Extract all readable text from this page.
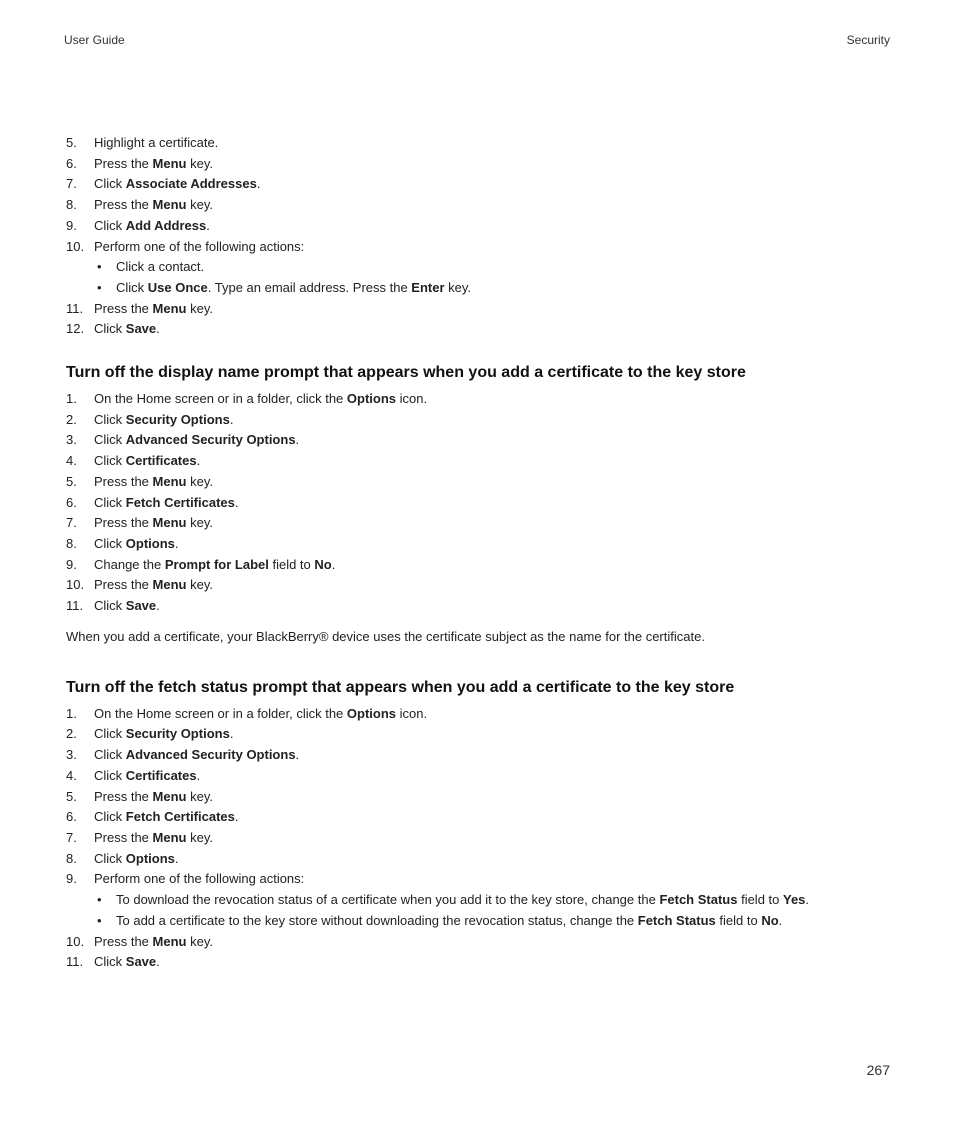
User Guide	Security
5. Highlight a certificate.
6. Press the Menu key.
7. Click Associate Addresses.
8. Press the Menu key.
9. Click Add Address.
10. Perform one of the following actions:
• Click a contact.
• Click Use Once. Type an email address. Press the Enter key.
11. Press the Menu key.
12. Click Save.
Turn off the display name prompt that appears when you add a certificate to the key store
1. On the Home screen or in a folder, click the Options icon.
2. Click Security Options.
3. Click Advanced Security Options.
4. Click Certificates.
5. Press the Menu key.
6. Click Fetch Certificates.
7. Press the Menu key.
8. Click Options.
9. Change the Prompt for Label field to No.
10. Press the Menu key.
11. Click Save.

When you add a certificate, your BlackBerry® device uses the certificate subject as the name for the certificate.

Turn off the fetch status prompt that appears when you add a certificate to the key store
1. On the Home screen or in a folder, click the Options icon.
2. Click Security Options.
3. Click Advanced Security Options.
4. Click Certificates.
5. Press the Menu key.
6. Click Fetch Certificates.
7. Press the Menu key.
8. Click Options.
9. Perform one of the following actions:
• To download the revocation status of a certificate when you add it to the key store, change the Fetch Status field to Yes.
• To add a certificate to the key store without downloading the revocation status, change the Fetch Status field to No.
10. Press the Menu key.
11. Click Save.
267
